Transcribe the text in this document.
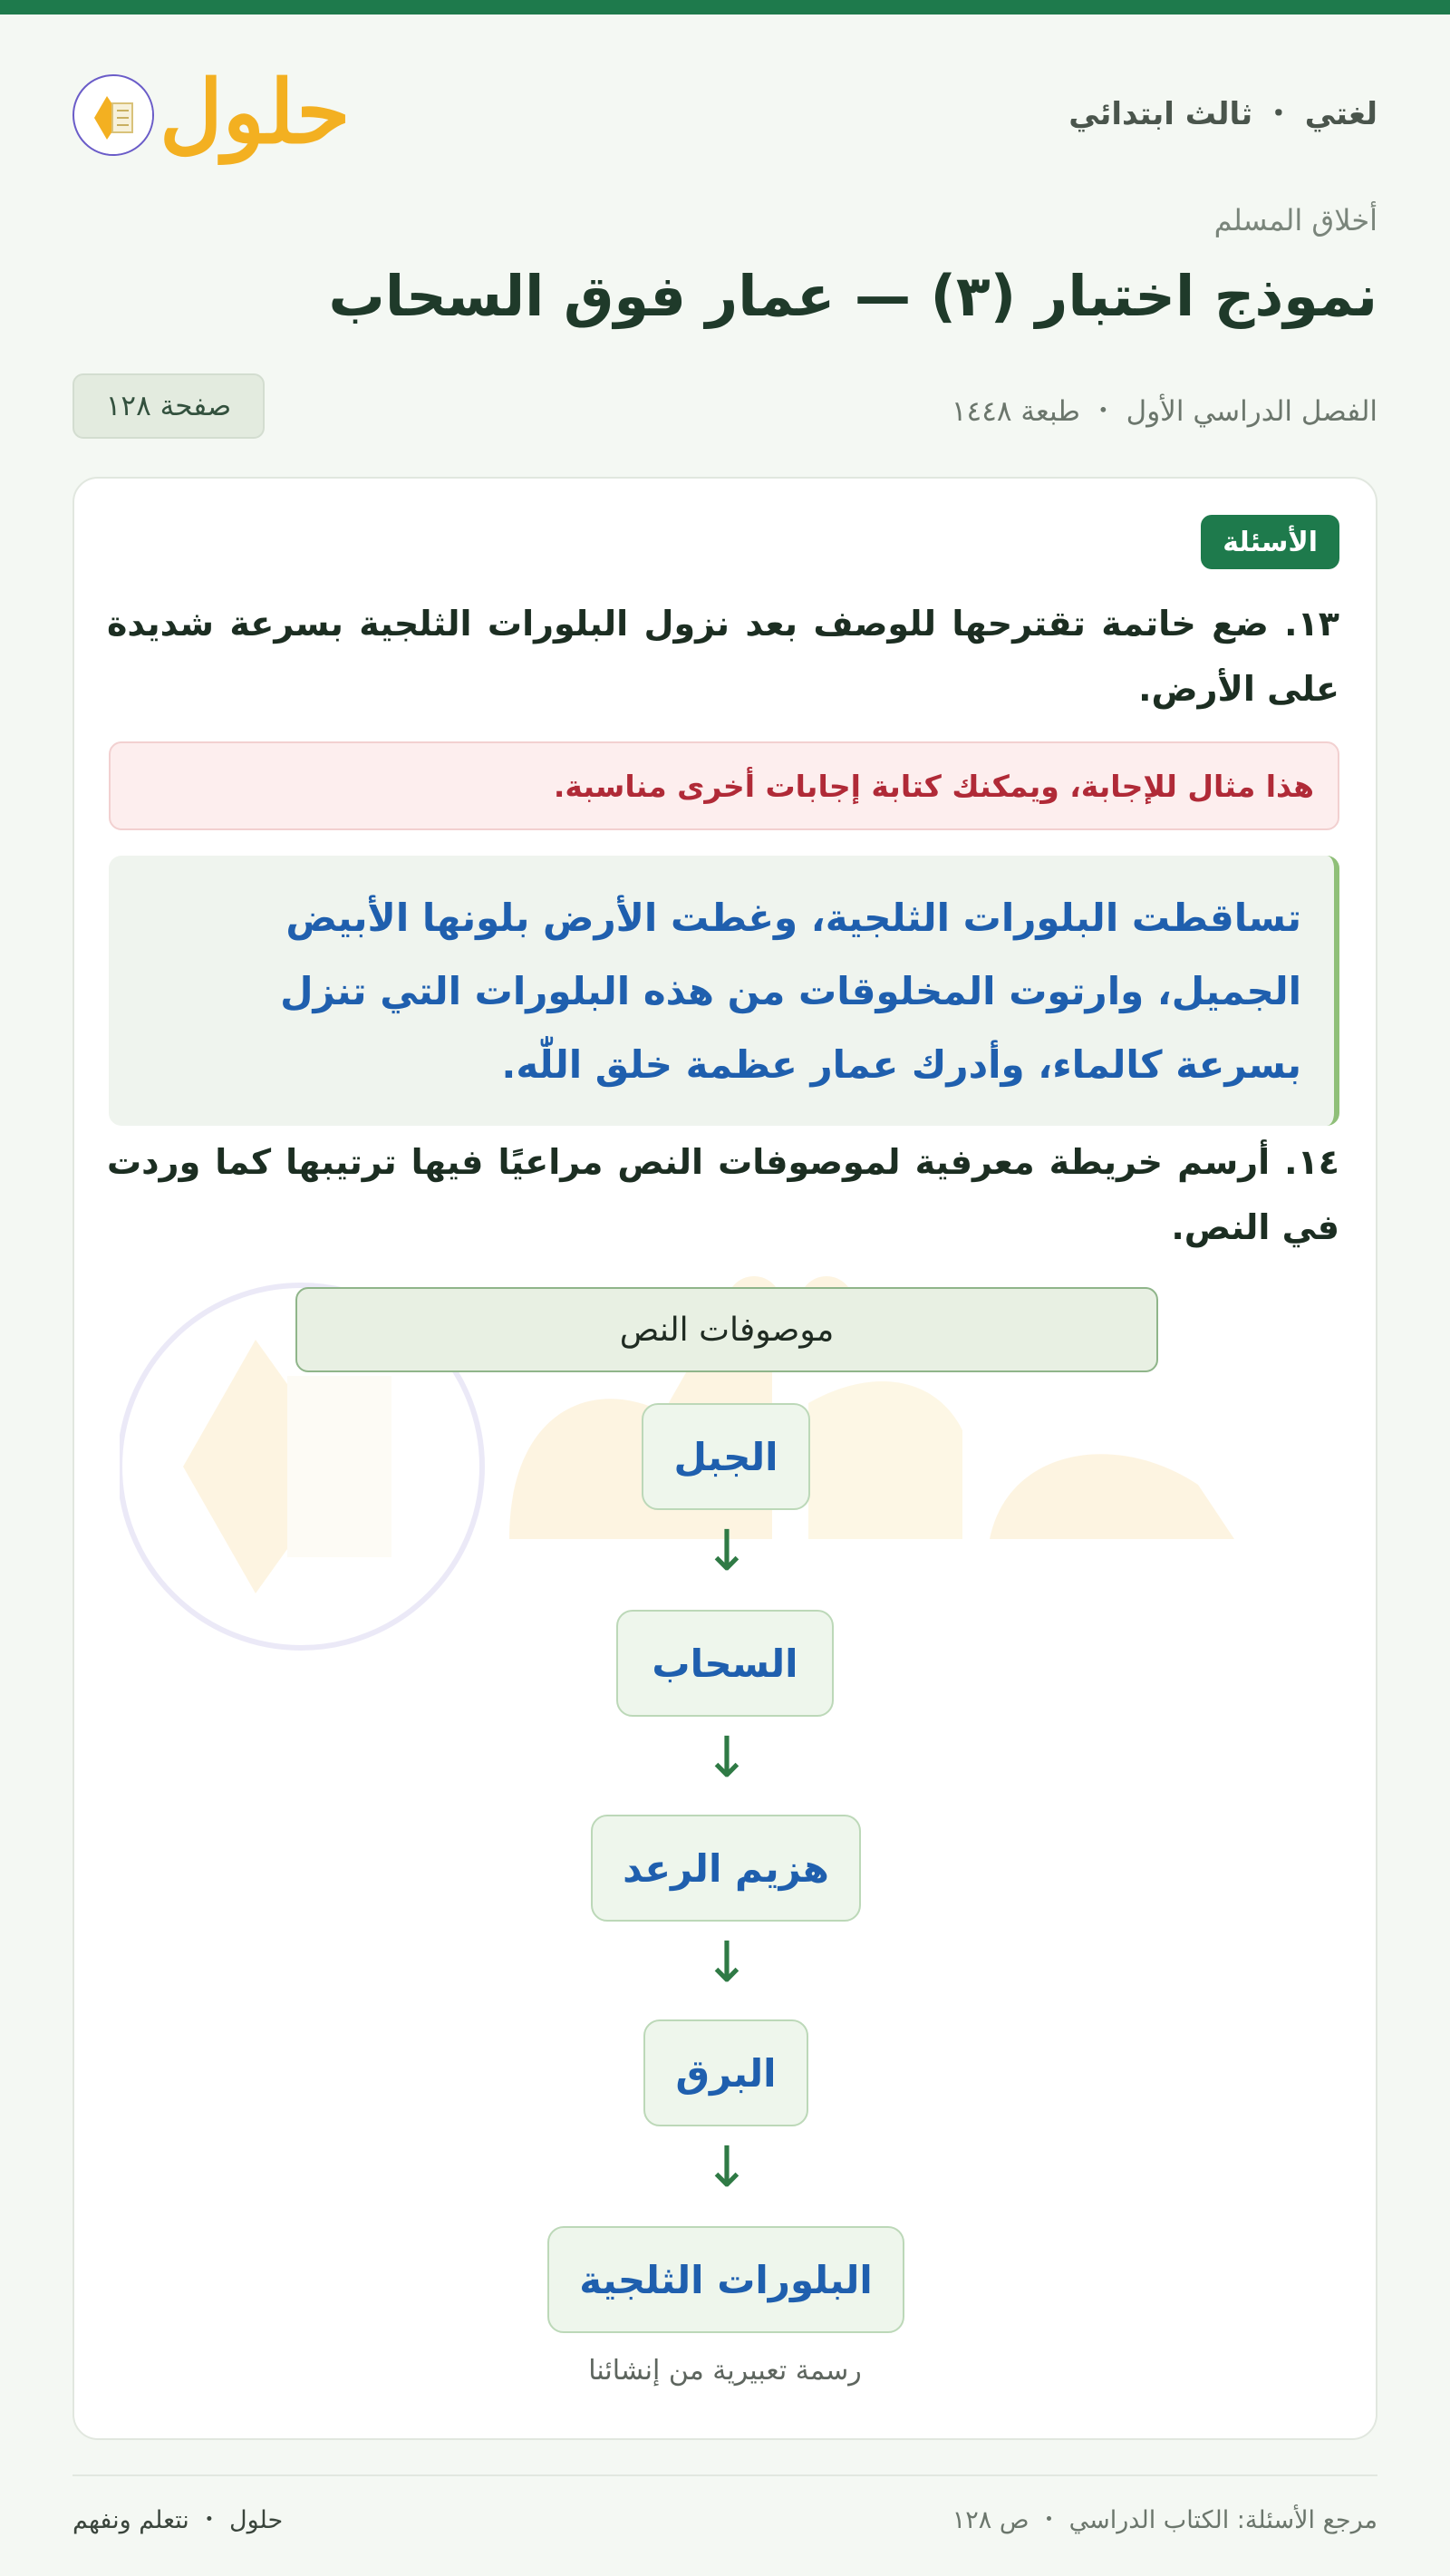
حلول	لغتي ・ ثالث ابتدائي
أخلاق المسلم
نموذج اختبار (٣) — عمار فوق السحاب
الفصل الدراسي الأول ・ طبعة ١٤٤٨
صفحة ١٢٨
الأسئلة

١٣. ضع خاتمة تقترحها للوصف بعد نزول البلورات الثلجية بسرعة شديدة على الأرض.

هذا مثال للإجابة، ويمكنك كتابة إجابات أخرى مناسبة.
تساقطت البلورات الثلجية، وغطت الأرض بلونها الأبيض الجميل، وارتوت المخلوقات من هذه البلورات التي تنزل بسرعة كالماء، وأدرك عمار عظمة خلق اللّٰه.

١٤. أرسم خريطة معرفية لموصوفات النص مراعيًا فيها ترتيبها كما وردت في النص.

موصوفات النص
الجبل
↓
السحاب
↓
هزيم الرعد
↓
البرق
↓
البلورات الثلجية
رسمة تعبيرية من إنشائنا
مرجع الأسئلة: الكتاب الدراسي ・ ص ١٢٨
حلول ・ نتعلم ونفهم
